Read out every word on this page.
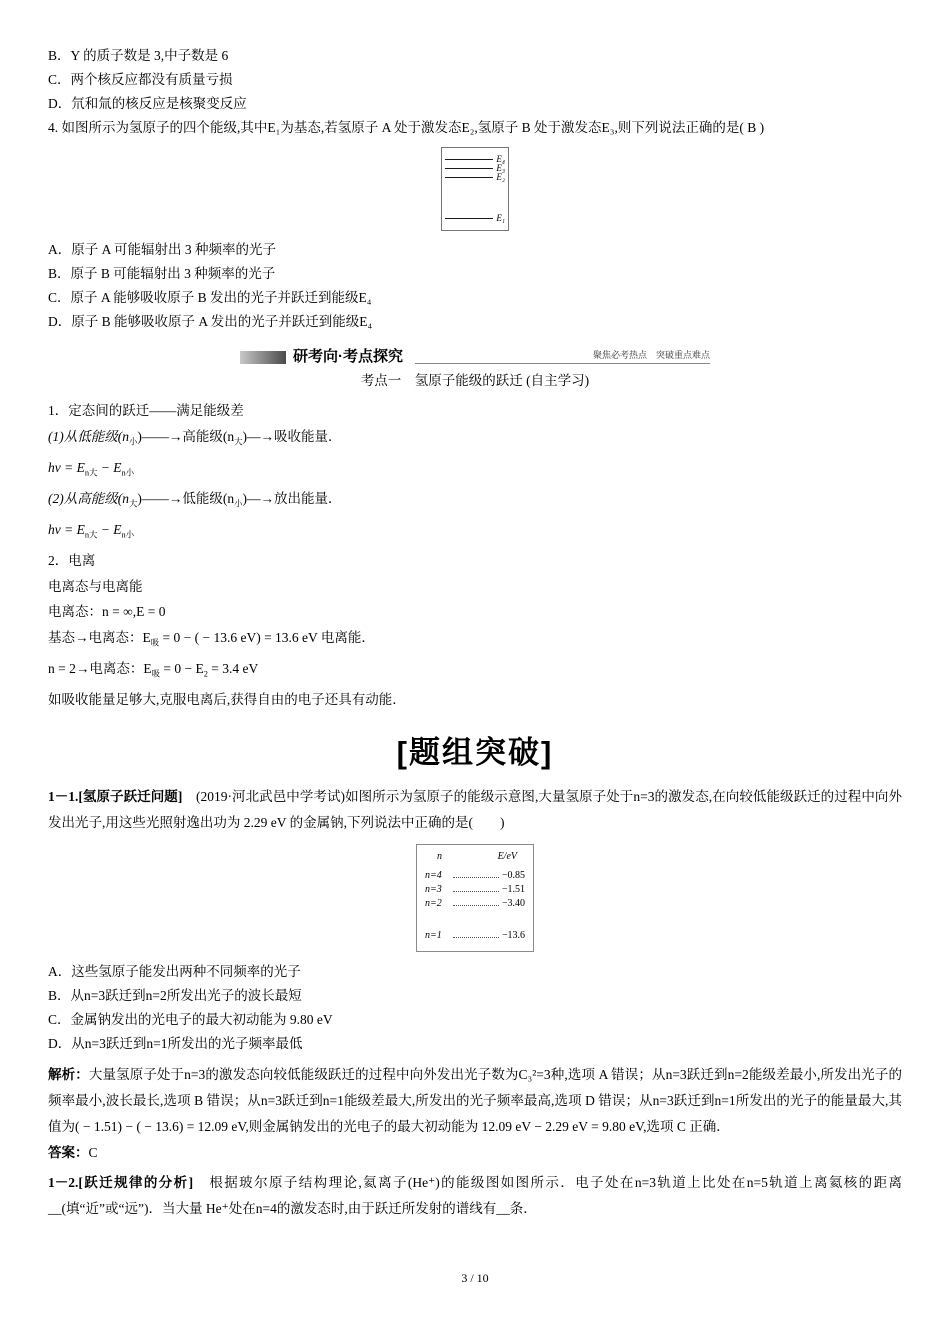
B．Y 的质子数是 3,中子数是 6

C．两个核反应都没有质量亏损

D．氘和氚的核反应是核聚变反应

4. 如图所示为氢原子的四个能级,其中E₁为基态,若氢原子 A 处于激发态E₂,氢原子 B 处于激发态E₃,则下列说法正确的是( B )

E₄
E₃
E₂
E₁

A．原子 A 可能辐射出 3 种频率的光子

B．原子 B 可能辐射出 3 种频率的光子

C．原子 A 能够吸收原子 B 发出的光子并跃迁到能级E₄

D．原子 B 能够吸收原子 A 发出的光子并跃迁到能级E₄

研考向·考点探究	聚焦必考热点　突破重点难点

考点一　氢原子能级的跃迁 (自主学习)

1．定态间的跃迁——满足能级差

(1)从低能级$(n_小)——\to$高能级$(n_大)—\to$吸收能量．

$h\nu = E_{n大} - E_{n小}$

(2)从高能级$(n_大)——\to$低能级$(n_小)—\to$放出能量．

$h\nu = E_{n大} - E_{n小}$

2．电离

电离态与电离能

电离态：n = ∞,E = 0

基态→电离态：$E_吸 = 0$ − ( − 13.6 eV) = 13.6 eV 电离能．

n = 2→电离态：$E_吸 = 0 - E_2 = 3.4$ eV

如吸收能量足够大,克服电离后,获得自由的电子还具有动能．

[题组突破]

1－1.[氢原子跃迁问题]　(2019·河北武邑中学考试)如图所示为氢原子的能级示意图,大量氢原子处于n=3的激发态,在向较低能级跃迁的过程中向外发出光子,用这些光照射逸出功为 2.29 eV 的金属钠,下列说法中正确的是(　　)

n	E/eV
n=4	−0.85
n=3	−1.51
n=2	−3.40
n=1	−13.6

A．这些氢原子能发出两种不同频率的光子

B．从n=3跃迁到n=2所发出光子的波长最短

C．金属钠发出的光电子的最大初动能为 9.80 eV

D．从n=3跃迁到n=1所发出的光子频率最低

解析：大量氢原子处于n=3的激发态向较低能级跃迁的过程中向外发出光子数为C₃²=3种,选项 A 错误；从n=3跃迁到n=2能级差最小,所发出光子的频率最小,波长最长,选项 B 错误；从n=3跃迁到n=1能级差最大,所发出的光子频率最高,选项 D 错误；从n=3跃迁到n=1所发出的光子的能量最大,其值为( − 1.51) − ( − 13.6) = 12.09 eV,则金属钠发出的光电子的最大初动能为 12.09 eV − 2.29 eV = 9.80 eV,选项 C 正确．

答案：C

1－2.[跃迁规律的分析]　根据玻尔原子结构理论,氦离子(He⁺)的能级图如图所示．电子处在n=3轨道上比处在n=5轨道上离氦核的距离__(填“近”或“远”)．当大量 He⁺处在n=4的激发态时,由于跃迁所发射的谱线有__条．

3 / 10
